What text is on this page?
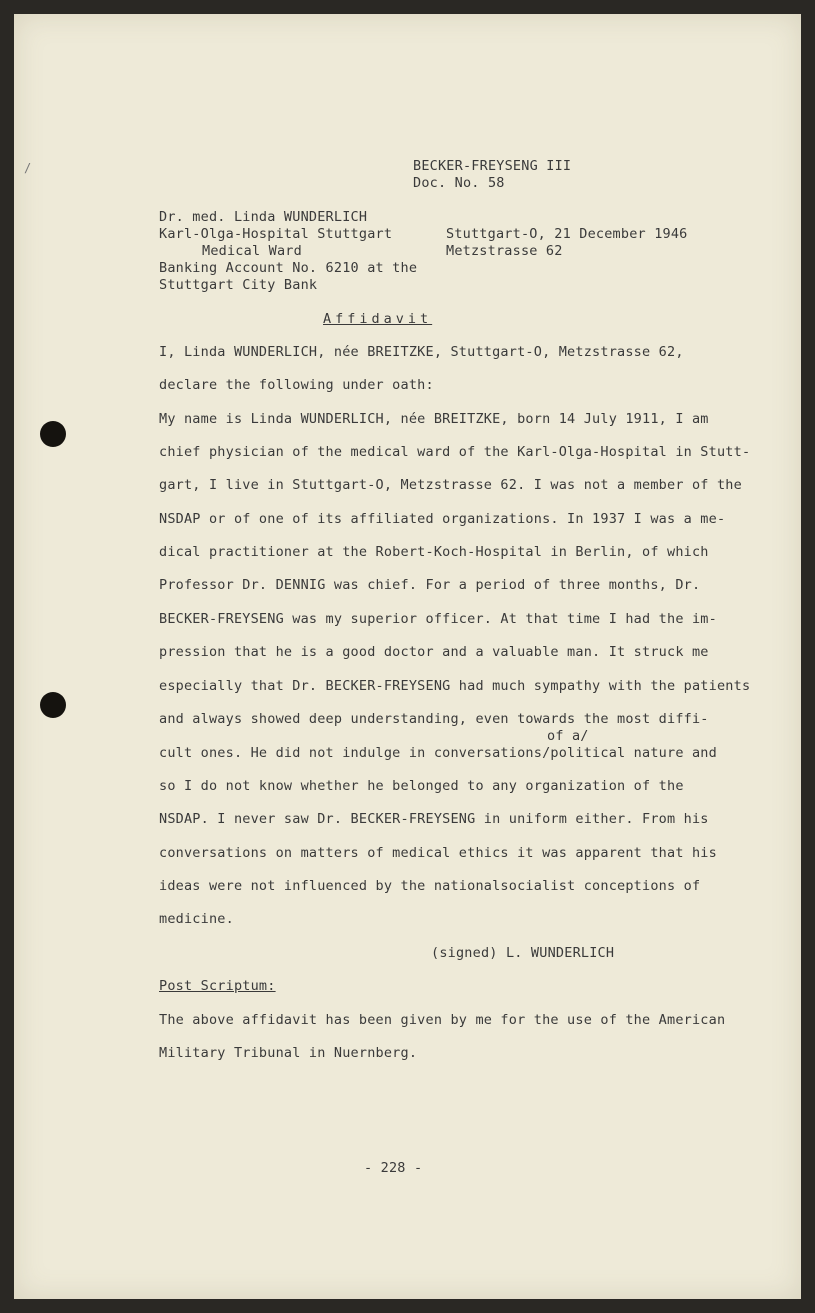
/	BECKER-FREYSENG III
Doc. No. 58
Dr. med. Linda WUNDERLICH
Karl-Olga-Hospital Stuttgart
Medical Ward
Banking Account No. 6210 at the
Stuttgart City Bank
Stuttgart-O, 21 December 1946
Metzstrasse 62
Affidavit
I, Linda WUNDERLICH, née BREITZKE, Stuttgart-O, Metzstrasse 62,
declare the following under oath:
My name is Linda WUNDERLICH, née BREITZKE, born 14 July 1911, I am
chief physician of the medical ward of the Karl-Olga-Hospital in Stutt-
gart, I live in Stuttgart-O, Metzstrasse 62. I was not a member of the
NSDAP or of one of its affiliated organizations. In 1937 I was a me-
dical practitioner at the Robert-Koch-Hospital in Berlin, of which
Professor Dr. DENNIG was chief. For a period of three months, Dr.
BECKER-FREYSENG was my superior officer. At that time I had the im-
pression that he is a good doctor and a valuable man. It struck me
especially that Dr. BECKER-FREYSENG had much sympathy with the patients
and always showed deep understanding, even towards the most diffi-
of a/
cult ones. He did not indulge in conversations/political nature and
so I do not know whether he belonged to any organization of the
NSDAP. I never saw Dr. BECKER-FREYSENG in uniform either. From his
conversations on matters of medical ethics it was apparent that his
ideas were not influenced by the nationalsocialist conceptions of
medicine.
(signed) L. WUNDERLICH
Post Scriptum:
The above affidavit has been given by me for the use of the American
Military Tribunal in Nuernberg.
- 228 -
